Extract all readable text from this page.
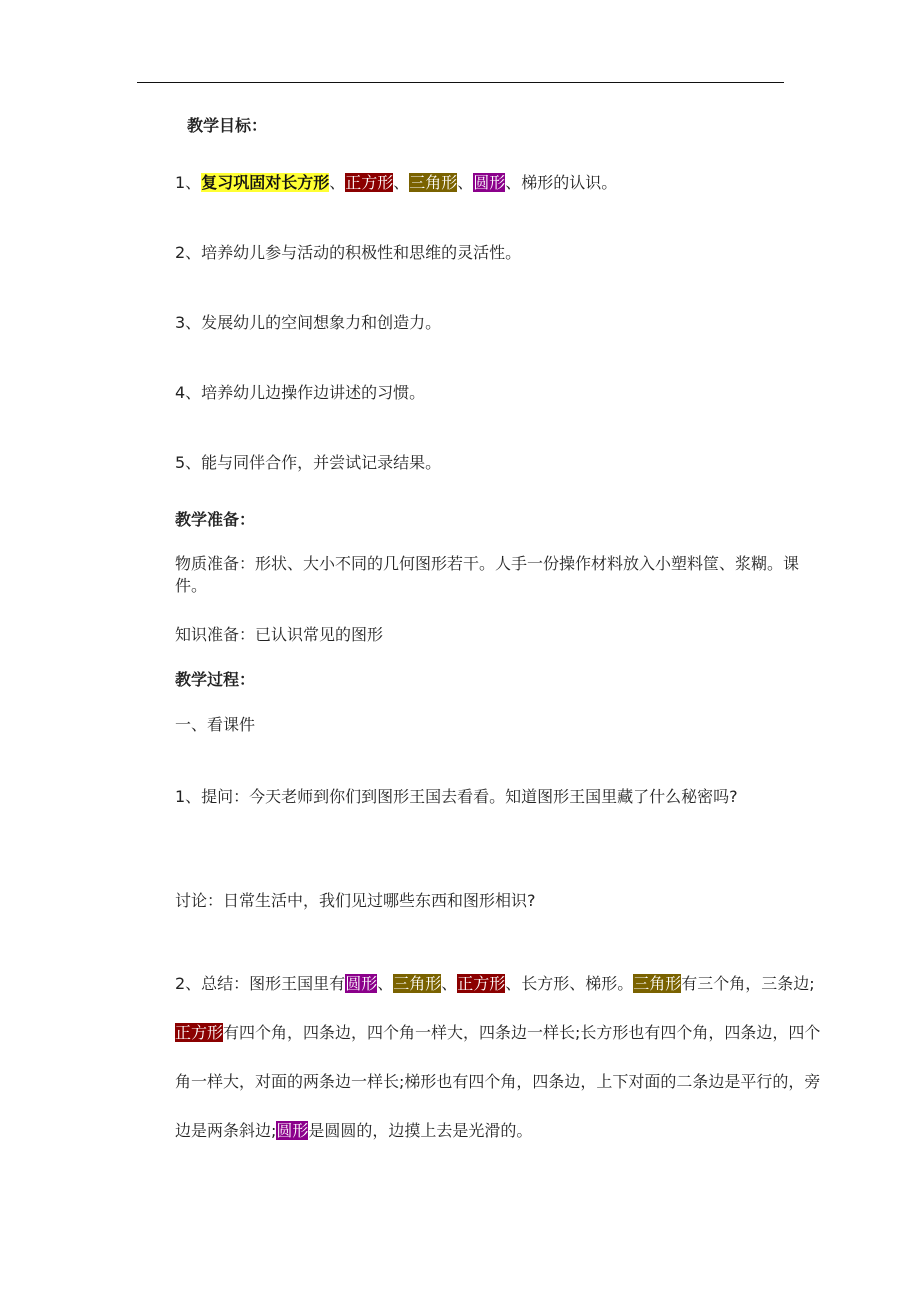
教学目标：
1、复习巩固对长方形、正方形、三角形、圆形、梯形的认识。
2、培养幼儿参与活动的积极性和思维的灵活性。
3、发展幼儿的空间想象力和创造力。
4、培养幼儿边操作边讲述的习惯。
5、能与同伴合作，并尝试记录结果。
教学准备：
物质准备：形状、大小不同的几何图形若干。人手一份操作材料放入小塑料筐、浆糊。课件。
知识准备：已认识常见的图形
教学过程：
一、看课件
1、提问：今天老师到你们到图形王国去看看。知道图形王国里藏了什么秘密吗?
讨论：日常生活中，我们见过哪些东西和图形相识?
2、总结：图形王国里有圆形、三角形、正方形、长方形、梯形。三角形有三个角，三条边;正方形有四个角，四条边，四个角一样大，四条边一样长;长方形也有四个角，四条边，四个角一样大，对面的两条边一样长;梯形也有四个角，四条边，上下对面的二条边是平行的，旁边是两条斜边;圆形是圆圆的，边摸上去是光滑的。
